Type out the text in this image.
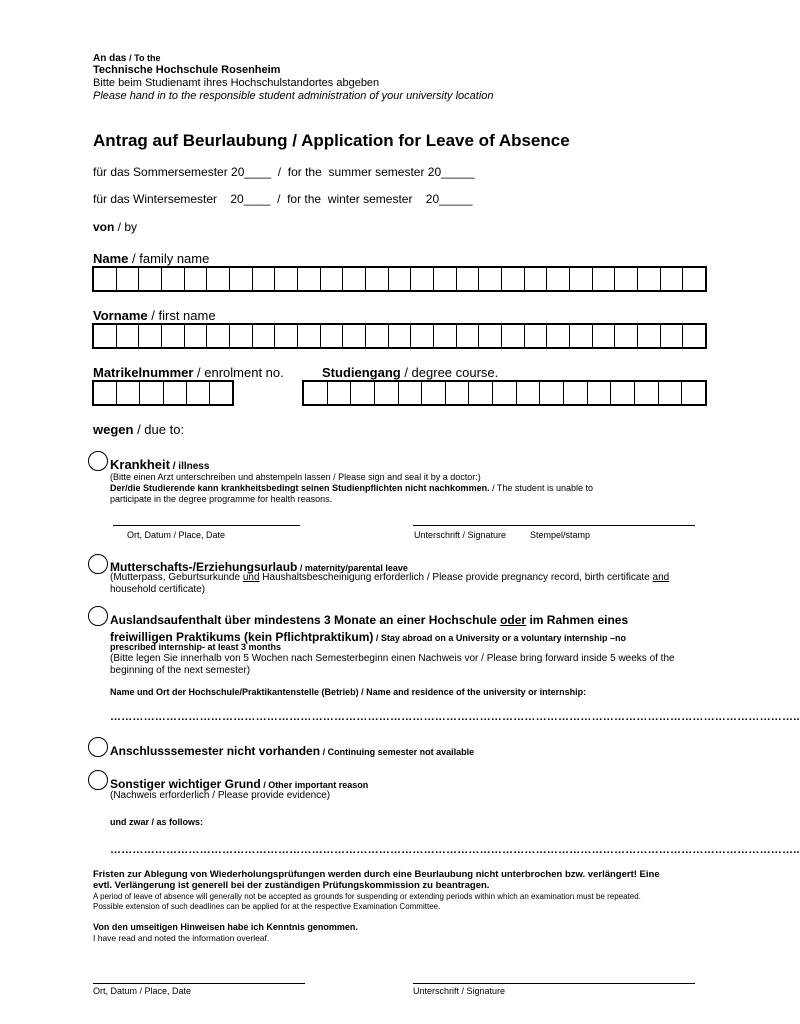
An das / To the
Technische Hochschule Rosenheim
Bitte beim Studienamt ihres Hochschulstandortes abgeben
Please hand in to the responsible student administration of your university location
Antrag auf Beurlaubung / Application for Leave of Absence
für das Sommersemester 20____  /  for the  summer semester 20_____
für das Wintersemester    20____  /  for the  winter semester    20_____
von / by
Name / family name
Vorname / first name
Matrikelnummer / enrolment no.	Studiengang / degree course.
wegen / due to:
Krankheit / illness
(Bitte einen Arzt unterschreiben und abstempeln lassen / Please sign and seal it by a doctor:)
Der/die Studierende kann krankheitsbedingt seinen Studienpflichten nicht nachkommen. / The student is unable to
participate in the degree programme for health reasons.
Ort, Datum / Place, Date	Unterschrift / Signature	Stempel/stamp
Mutterschafts-/Erziehungsurlaub / maternity/parental leave
(Mutterpass, Geburtsurkunde und Haushaltsbescheinigung erforderlich / Please provide pregnancy record, birth certificate and
household certificate)
Auslandsaufenthalt über mindestens 3 Monate an einer Hochschule oder im Rahmen eines
freiwilligen Praktikums (kein Pflichtpraktikum) / Stay abroad on a University or a voluntary internship –no
prescribed internship- at least 3 months
(Bitte legen Sie innerhalb von 5 Wochen nach Semesterbeginn einen Nachweis vor / Please bring forward inside 5 weeks of the
beginning of the next semester)
Name und Ort der Hochschule/Praktikantenstelle (Betrieb) / Name and residence of the university or internship:
…………………………………………………………………………………………………………………………………………………………………..
Anschlusssemester nicht vorhanden / Continuing semester not available
Sonstiger wichtiger Grund / Other important reason
(Nachweis erforderlich / Please provide evidence)
und zwar / as follows:
…………………………………………………………………………………………………………………………………………………………………..
Fristen zur Ablegung von Wiederholungsprüfungen werden durch eine Beurlaubung nicht unterbrochen bzw. verlängert! Eine
evtl. Verlängerung ist generell bei der zuständigen Prüfungskommission zu beantragen.
A period of leave of absence will generally not be accepted as grounds for suspending or extending periods within which an examination must be repeated.
Possible extension of such deadlines can be applied for at the respective Examination Committee.
Von den umseitigen Hinweisen habe ich Kenntnis genommen.
I have read and noted the information overleaf.
Ort, Datum / Place, Date	Unterschrift / Signature
